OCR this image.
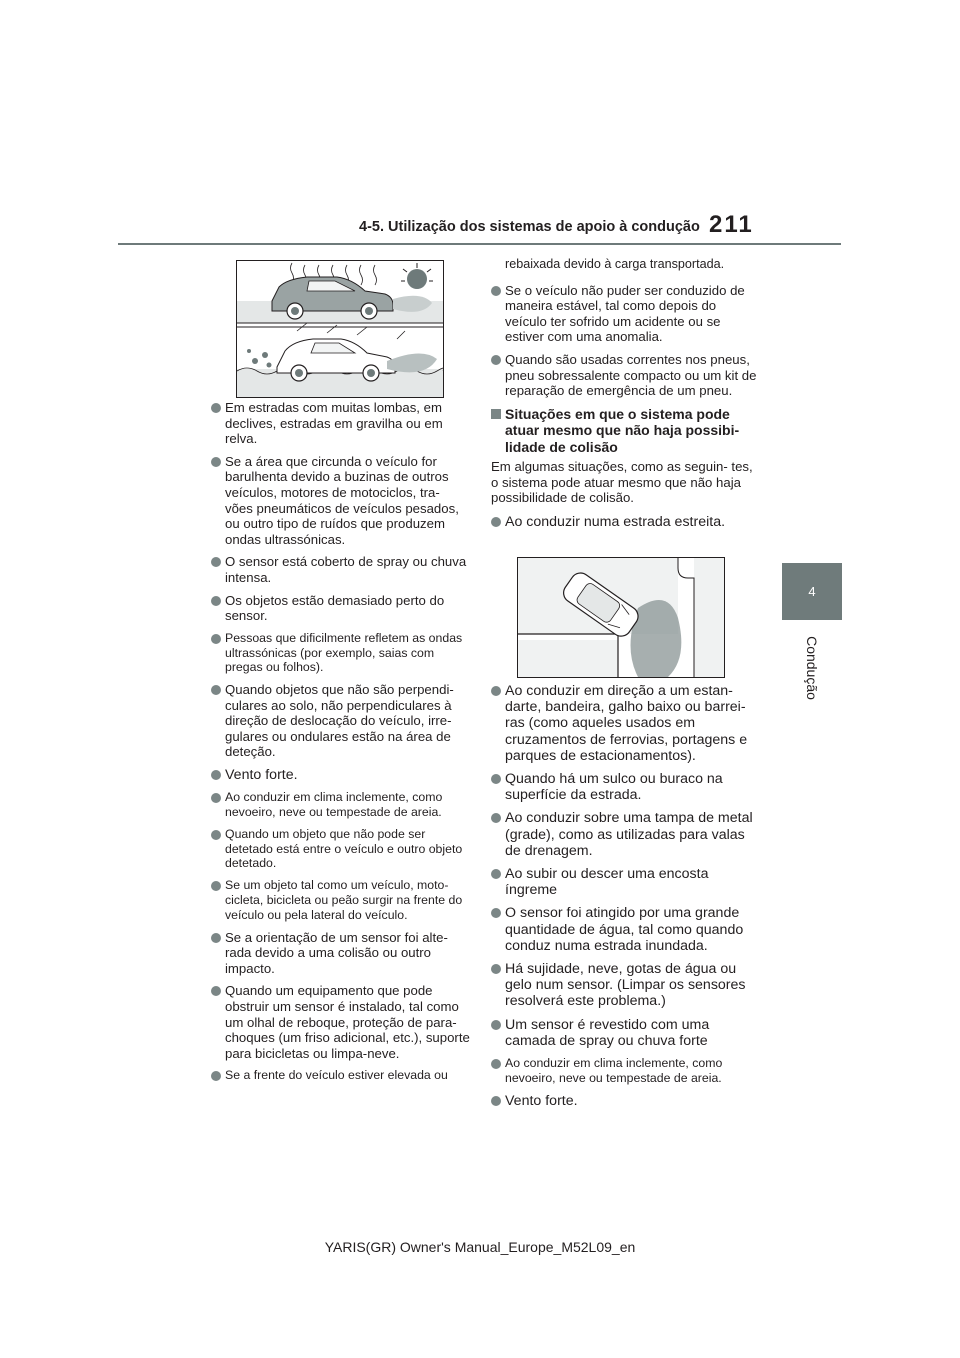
4-5. Utilização dos sistemas de apoio à condução 211
4
Condução
Em estradas com muitas lombas, em declives, estradas em gravilha ou em relva.
Se a área que circunda o veículo for barulhenta devido a buzinas de outros veículos, motores de motociclos, tra- vões pneumáticos de veículos pesados, ou outro tipo de ruídos que produzem ondas ultrassónicas.
O sensor está coberto de spray ou chuva intensa.
Os objetos estão demasiado perto do sensor.
Pessoas que dificilmente refletem as ondas ultrassónicas (por exemplo, saias com pregas ou folhos).
Quando objetos que não são perpendi- culares ao solo, não perpendiculares à direção de deslocação do veículo, irre- gulares ou ondulares estão na área de deteção.
Vento forte.
Ao conduzir em clima inclemente, como nevoeiro, neve ou tempestade de areia.
Quando um objeto que não pode ser detetado está entre o veículo e outro objeto detetado.
Se um objeto tal como um veículo, moto- cicleta, bicicleta ou peão surgir na frente do veículo ou pela lateral do veículo.
Se a orientação de um sensor foi alte- rada devido a uma colisão ou outro impacto.
Quando um equipamento que pode obstruir um sensor é instalado, tal como um olhal de reboque, proteção de para- choques (um friso adicional, etc.), suporte para bicicletas ou limpa-neve.
Se a frente do veículo estiver elevada ou
rebaixada devido à carga transportada.
Se o veículo não puder ser conduzido de maneira estável, tal como depois do veículo ter sofrido um acidente ou se estiver com uma anomalia.
Quando são usadas correntes nos pneus, pneu sobressalente compacto ou um kit de reparação de emergência de um pneu.
Situações em que o sistema pode atuar mesmo que não haja possibi- lidade de colisão
Em algumas situações, como as seguin- tes, o sistema pode atuar mesmo que não haja possibilidade de colisão.
Ao conduzir numa estrada estreita.
Ao conduzir em direção a um estan- darte, bandeira, galho baixo ou barrei- ras (como aqueles usados em cruzamentos de ferrovias, portagens e parques de estacionamentos).
Quando há um sulco ou buraco na superfície da estrada.
Ao conduzir sobre uma tampa de metal (grade), como as utilizadas para valas de drenagem.
Ao subir ou descer uma encosta íngreme
O sensor foi atingido por uma grande quantidade de água, tal como quando conduz numa estrada inundada.
Há sujidade, neve, gotas de água ou gelo num sensor. (Limpar os sensores resolverá este problema.)
Um sensor é revestido com uma camada de spray ou chuva forte
Ao conduzir em clima inclemente, como nevoeiro, neve ou tempestade de areia.
Vento forte.
YARIS(GR) Owner's Manual_Europe_M52L09_en
